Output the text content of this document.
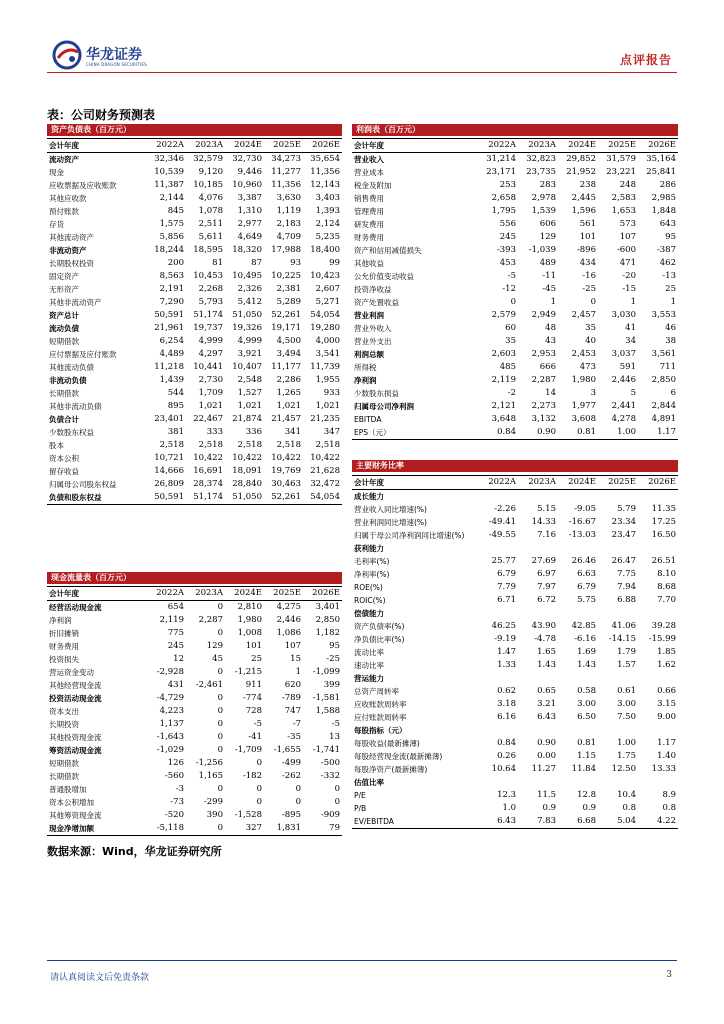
华龙证券
CHINA DRAGON SECURITIES	点评报告
表：公司财务预测表
资产负债表（百万元）
会计年度	2022A	2023A	2024E	2025E	2026E
流动资产	32,346	32,579	32,730	34,273	35,654
现金	10,539	9,120	9,446	11,277	11,356
应收票据及应收账款	11,387	10,185	10,960	11,356	12,143
其他应收款	2,144	4,076	3,387	3,630	3,403
预付账款	845	1,078	1,310	1,119	1,393
存货	1,575	2,511	2,977	2,183	2,124
其他流动资产	5,856	5,611	4,649	4,709	5,235
非流动资产	18,244	18,595	18,320	17,988	18,400
长期股权投资	200	81	87	93	99
固定资产	8,563	10,453	10,495	10,225	10,423
无形资产	2,191	2,268	2,326	2,381	2,607
其他非流动资产	7,290	5,793	5,412	5,289	5,271
资产总计	50,591	51,174	51,050	52,261	54,054
流动负债	21,961	19,737	19,326	19,171	19,280
短期借款	6,254	4,999	4,999	4,500	4,000
应付票据及应付账款	4,489	4,297	3,921	3,494	3,541
其他流动负债	11,218	10,441	10,407	11,177	11,739
非流动负债	1,439	2,730	2,548	2,286	1,955
长期借款	544	1,709	1,527	1,265	933
其他非流动负债	895	1,021	1,021	1,021	1,021
负债合计	23,401	22,467	21,874	21,457	21,235
少数股东权益	381	333	336	341	347
股本	2,518	2,518	2,518	2,518	2,518
资本公积	10,721	10,422	10,422	10,422	10,422
留存收益	14,666	16,691	18,091	19,769	21,628
归属母公司股东权益	26,809	28,374	28,840	30,463	32,472
负债和股东权益	50,591	51,174	51,050	52,261	54,054
利润表（百万元）
会计年度	2022A	2023A	2024E	2025E	2026E
营业收入	31,214	32,823	29,852	31,579	35,164
营业成本	23,171	23,735	21,952	23,221	25,841
税金及附加	253	283	238	248	286
销售费用	2,658	2,978	2,445	2,583	2,985
管理费用	1,795	1,539	1,596	1,653	1,848
研发费用	556	606	561	573	643
财务费用	245	129	101	107	95
资产和信用减值损失	-393	-1,039	-896	-600	-387
其他收益	453	489	434	471	462
公允价值变动收益	-5	-11	-16	-20	-13
投资净收益	-12	-45	-25	-15	25
资产处置收益	0	1	0	1	1
营业利润	2,579	2,949	2,457	3,030	3,553
营业外收入	60	48	35	41	46
营业外支出	35	43	40	34	38
利润总额	2,603	2,953	2,453	3,037	3,561
所得税	485	666	473	591	711
净利润	2,119	2,287	1,980	2,446	2,850
少数股东损益	-2	14	3	5	6
归属母公司净利润	2,121	2,273	1,977	2,441	2,844
EBITDA	3,648	3,132	3,608	4,278	4,891
EPS（元）	0.84	0.90	0.81	1.00	1.17
主要财务比率
会计年度	2022A	2023A	2024E	2025E	2026E
成长能力					
营业收入同比增速(%)	-2.26	5.15	-9.05	5.79	11.35
营业利润同比增速(%)	-49.41	14.33	-16.67	23.34	17.25
归属于母公司净利润同比增速(%)	-49.55	7.16	-13.03	23.47	16.50
获利能力					
毛利率(%)	25.77	27.69	26.46	26.47	26.51
净利率(%)	6.79	6.97	6.63	7.75	8.10
ROE(%)	7.79	7.97	6.79	7.94	8.68
ROIC(%)	6.71	6.72	5.75	6.88	7.70
偿债能力					
资产负债率(%)	46.25	43.90	42.85	41.06	39.28
净负债比率(%)	-9.19	-4.78	-6.16	-14.15	-15.99
流动比率	1.47	1.65	1.69	1.79	1.85
速动比率	1.33	1.43	1.43	1.57	1.62
营运能力					
总资产周转率	0.62	0.65	0.58	0.61	0.66
应收账款周转率	3.18	3.21	3.00	3.00	3.15
应付账款周转率	6.16	6.43	6.50	7.50	9.00
每股指标（元）					
每股收益(最新摊薄)	0.84	0.90	0.81	1.00	1.17
每股经营现金流(最新摊薄)	0.26	0.00	1.15	1.75	1.40
每股净资产(最新摊薄)	10.64	11.27	11.84	12.50	13.33
估值比率					
P/E	12.3	11.5	12.8	10.4	8.9
P/B	1.0	0.9	0.9	0.8	0.8
EV/EBITDA	6.43	7.83	6.68	5.04	4.22
现金流量表（百万元）
会计年度	2022A	2023A	2024E	2025E	2026E
经营活动现金流	654	0	2,810	4,275	3,401
净利润	2,119	2,287	1,980	2,446	2,850
折旧摊销	775	0	1,008	1,086	1,182
财务费用	245	129	101	107	95
投资损失	12	45	25	15	-25
营运资金变动	-2,928	0	-1,215	1	-1,099
其他经营现金流	431	-2,461	911	620	399
投资活动现金流	-4,729	0	-774	-789	-1,581
资本支出	4,223	0	728	747	1,588
长期投资	1,137	0	-5	-7	-5
其他投资现金流	-1,643	0	-41	-35	13
筹资活动现金流	-1,029	0	-1,709	-1,655	-1,741
短期借款	126	-1,256	0	-499	-500
长期借款	-560	1,165	-182	-262	-332
普通股增加	-3	0	0	0	0
资本公积增加	-73	-299	0	0	0
其他筹资现金流	-520	390	-1,528	-895	-909
现金净增加额	-5,118	0	327	1,831	79
数据来源：Wind，华龙证券研究所
请认真阅读文后免责条款	3
